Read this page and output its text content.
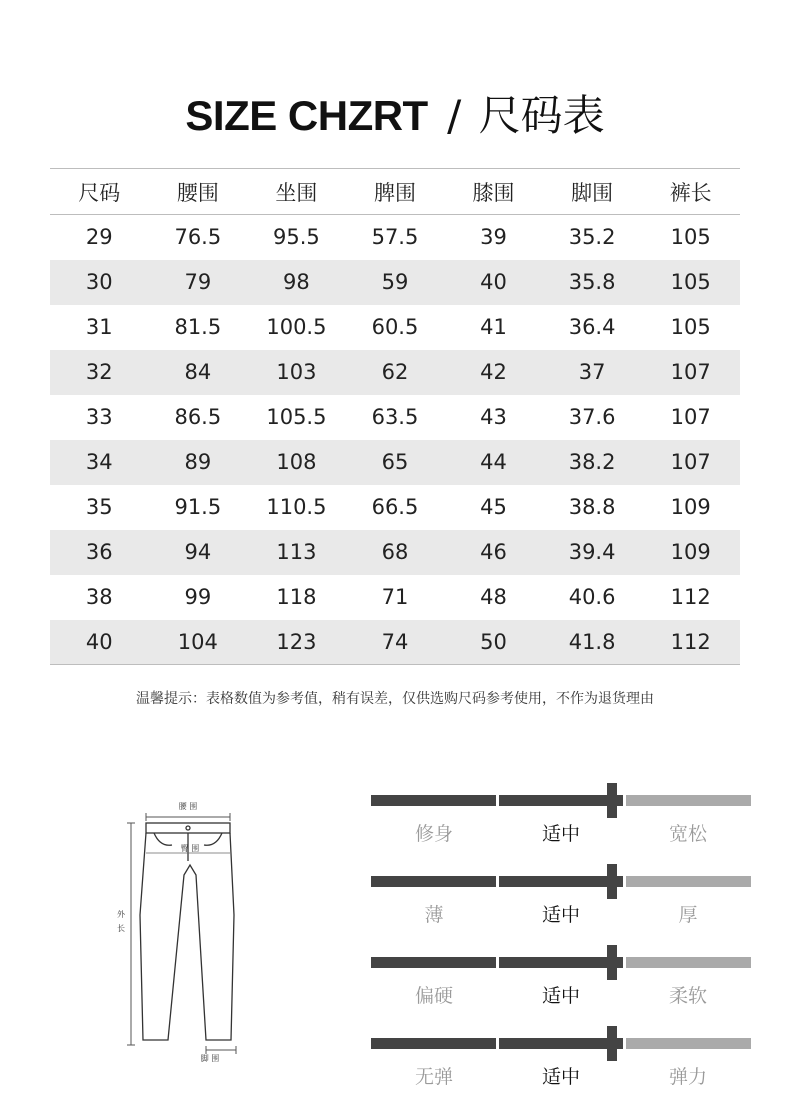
SIZE CHZRT / 尺码表
尺码	腰围	坐围	脾围	膝围	脚围	裤长
29	76.5	95.5	57.5	39	35.2	105
30	79	98	59	40	35.8	105
31	81.5	100.5	60.5	41	36.4	105
32	84	103	62	42	37	107
33	86.5	105.5	63.5	43	37.6	107
34	89	108	65	44	38.2	107
35	91.5	110.5	66.5	45	38.8	109
36	94	113	68	46	39.4	109
38	99	118	71	48	40.6	112
40	104	123	74	50	41.8	112
温馨提示：表格数值为参考值，稍有误差，仅供选购尺码参考使用，不作为退货理由
腰 围
臀 围
外
长
脚 围
修身	适中	宽松
薄	适中	厚
偏硬	适中	柔软
无弹	适中	弹力
